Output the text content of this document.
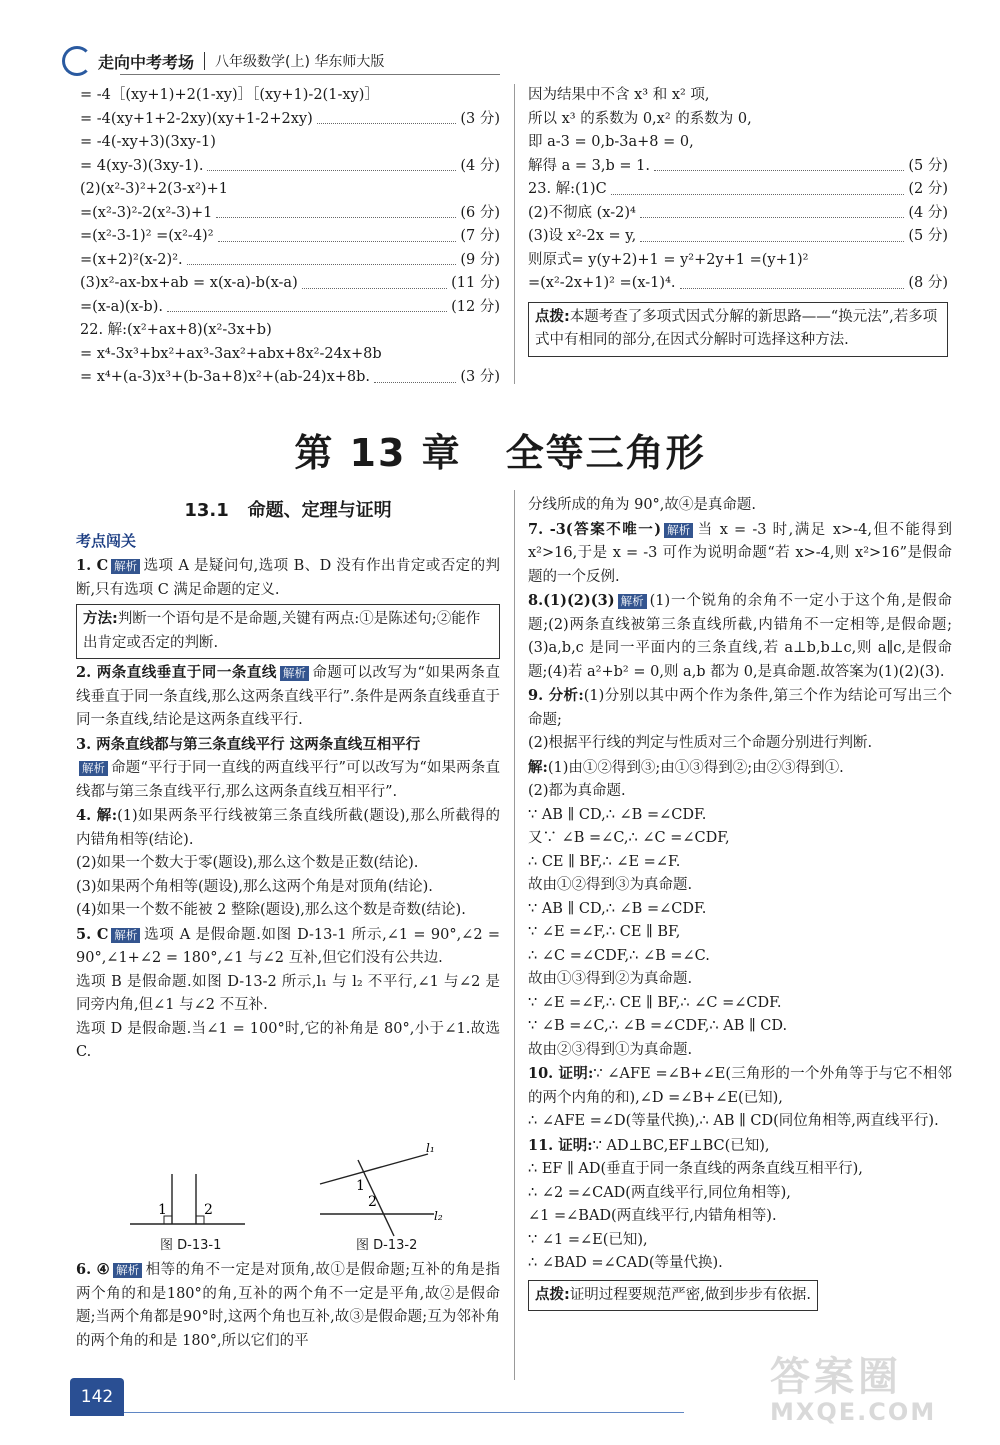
走向中考考场 八年级数学(上) 华东师大版
= -4［(xy+1)+2(1-xy)］［(xy+1)-2(1-xy)］
= -4(xy+1+2-2xy)(xy+1-2+2xy)	(3 分)
= -4(-xy+3)(3xy-1)
= 4(xy-3)(3xy-1).	(4 分)
(2)(x²-3)²+2(3-x²)+1
=(x²-3)²-2(x²-3)+1	(6 分)
=(x²-3-1)² =(x²-4)²	(7 分)
=(x+2)²(x-2)².	(9 分)
(3)x²-ax-bx+ab = x(x-a)-b(x-a)	(11 分)
=(x-a)(x-b).	(12 分)
22. 解:(x²+ax+8)(x²-3x+b)
= x⁴-3x³+bx²+ax³-3ax²+abx+8x²-24x+8b
= x⁴+(a-3)x³+(b-3a+8)x²+(ab-24)x+8b.	(3 分)
因为结果中不含 x³ 和 x² 项,
所以 x³ 的系数为 0,x² 的系数为 0,
即 a-3 = 0,b-3a+8 = 0,
解得 a = 3,b = 1.	(5 分)
23. 解:(1)C	(2 分)
(2)不彻底 (x-2)⁴	(4 分)
(3)设 x²-2x = y,	(5 分)
则原式= y(y+2)+1 = y²+2y+1 =(y+1)²
=(x²-2x+1)² =(x-1)⁴.	(8 分)
点拨:本题考查了多项式因式分解的新思路——“换元法”,若多项式中有相同的部分,在因式分解时可选择这种方法.
第 13 章 全等三角形
13.1 命题、定理与证明
考点闯关
1. C 解析 选项 A 是疑问句,选项 B、D 没有作出肯定或否定的判断,只有选项 C 满足命题的定义.
方法:判断一个语句是不是命题,关键有两点:①是陈述句;②能作出肯定或否定的判断.
2. 两条直线垂直于同一条直线 解析 命题可以改写为“如果两条直线垂直于同一条直线,那么这两条直线平行”.条件是两条直线垂直于同一条直线,结论是这两条直线平行.
3. 两条直线都与第三条直线平行 这两条直线互相平行
解析 命题“平行于同一直线的两直线平行”可以改写为“如果两条直线都与第三条直线平行,那么这两条直线互相平行”.
4. 解:(1)如果两条平行线被第三条直线所截(题设),那么所截得的内错角相等(结论).
(2)如果一个数大于零(题设),那么这个数是正数(结论).
(3)如果两个角相等(题设),那么这两个角是对顶角(结论).
(4)如果一个数不能被 2 整除(题设),那么这个数是奇数(结论).
5. C 解析 选项 A 是假命题.如图 D-13-1 所示,∠1 = 90°,∠2 = 90°,∠1+∠2 = 180°,∠1 与∠2 互补,但它们没有公共边.
选项 B 是假命题.如图 D-13-2 所示,l₁ 与 l₂ 不平行,∠1 与∠2 是同旁内角,但∠1 与∠2 不互补.
选项 D 是假命题.当∠1 = 100°时,它的补角是 80°,小于∠1.故选 C.
1	2
图 D-13-1
1
2
l₁
l₂
图 D-13-2
6. ④ 解析 相等的角不一定是对顶角,故①是假命题;互补的角是指两个角的和是180°的角,互补的两个角不一定是平角,故②是假命题;当两个角都是90°时,这两个角也互补,故③是假命题;互为邻补角的两个角的和是 180°,所以它们的平
分线所成的角为 90°,故④是真命题.
7. -3(答案不唯一) 解析 当 x = -3 时,满足 x>-4,但不能得到 x²>16,于是 x = -3 可作为说明命题“若 x>-4,则 x²>16”是假命题的一个反例.
8.(1)(2)(3) 解析 (1)一个锐角的余角不一定小于这个角,是假命题;(2)两条直线被第三条直线所截,内错角不一定相等,是假命题;(3)a,b,c 是同一平面内的三条直线,若 a⊥b,b⊥c,则 a∥c,是假命题;(4)若 a²+b² = 0,则 a,b 都为 0,是真命题.故答案为(1)(2)(3).
9. 分析:(1)分别以其中两个作为条件,第三个作为结论可写出三个命题;
(2)根据平行线的判定与性质对三个命题分别进行判断.
解:(1)由①②得到③;由①③得到②;由②③得到①.
(2)都为真命题.
∵ AB ∥ CD,∴ ∠B =∠CDF.
又∵ ∠B =∠C,∴ ∠C =∠CDF,
∴ CE ∥ BF,∴ ∠E =∠F.
故由①②得到③为真命题.
∵ AB ∥ CD,∴ ∠B =∠CDF.
∵ ∠E =∠F,∴ CE ∥ BF,
∴ ∠C =∠CDF,∴ ∠B =∠C.
故由①③得到②为真命题.
∵ ∠E =∠F,∴ CE ∥ BF,∴ ∠C =∠CDF.
∵ ∠B =∠C,∴ ∠B =∠CDF,∴ AB ∥ CD.
故由②③得到①为真命题.
10. 证明:∵ ∠AFE =∠B+∠E(三角形的一个外角等于与它不相邻的两个内角的和),∠D =∠B+∠E(已知),
∴ ∠AFE =∠D(等量代换),∴ AB ∥ CD(同位角相等,两直线平行).
11. 证明:∵ AD⊥BC,EF⊥BC(已知),
∴ EF ∥ AD(垂直于同一条直线的两条直线互相平行),
∴ ∠2 =∠CAD(两直线平行,同位角相等),
∠1 =∠BAD(两直线平行,内错角相等).
∵ ∠1 =∠E(已知),
∴ ∠BAD =∠CAD(等量代换).
点拨:证明过程要规范严密,做到步步有依据.
142	答案圈
MXQE.COM
